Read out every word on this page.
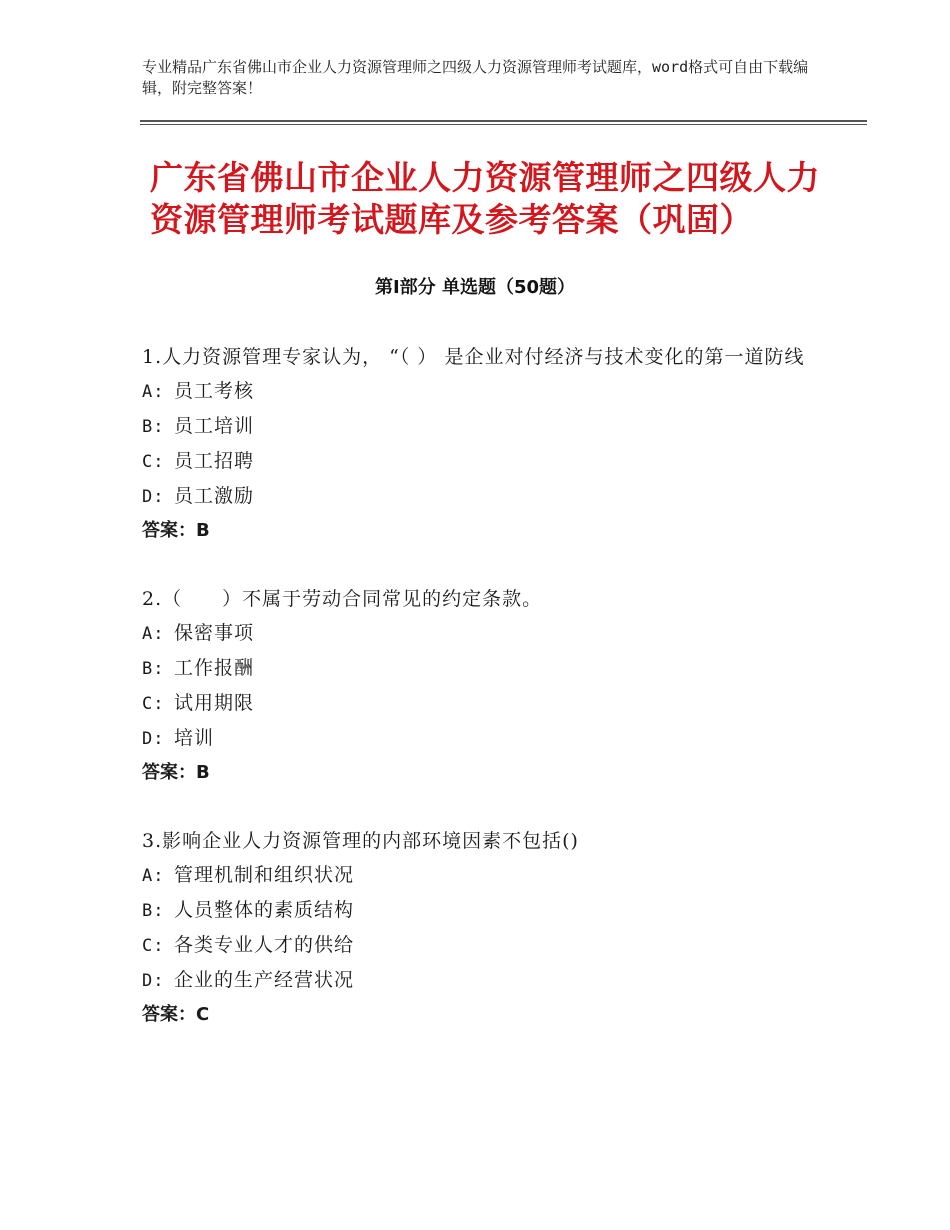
专业精品广东省佛山市企业人力资源管理师之四级人力资源管理师考试题库，word格式可自由下载编辑，附完整答案！

广东省佛山市企业人力资源管理师之四级人力资源管理师考试题库及参考答案（巩固）
第Ⅰ部分 单选题（50题）

1.人力资源管理专家认为， “（ ） 是企业对付经济与技术变化的第一道防线

A: 员工考核

B: 员工培训

C: 员工招聘

D: 员工激励

答案：B

2.（　　）不属于劳动合同常见的约定条款。

A: 保密事项

B: 工作报酬

C: 试用期限

D: 培训

答案：B

3.影响企业人力资源管理的内部环境因素不包括()

A: 管理机制和组织状况

B: 人员整体的素质结构

C: 各类专业人才的供给

D: 企业的生产经营状况

答案：C
